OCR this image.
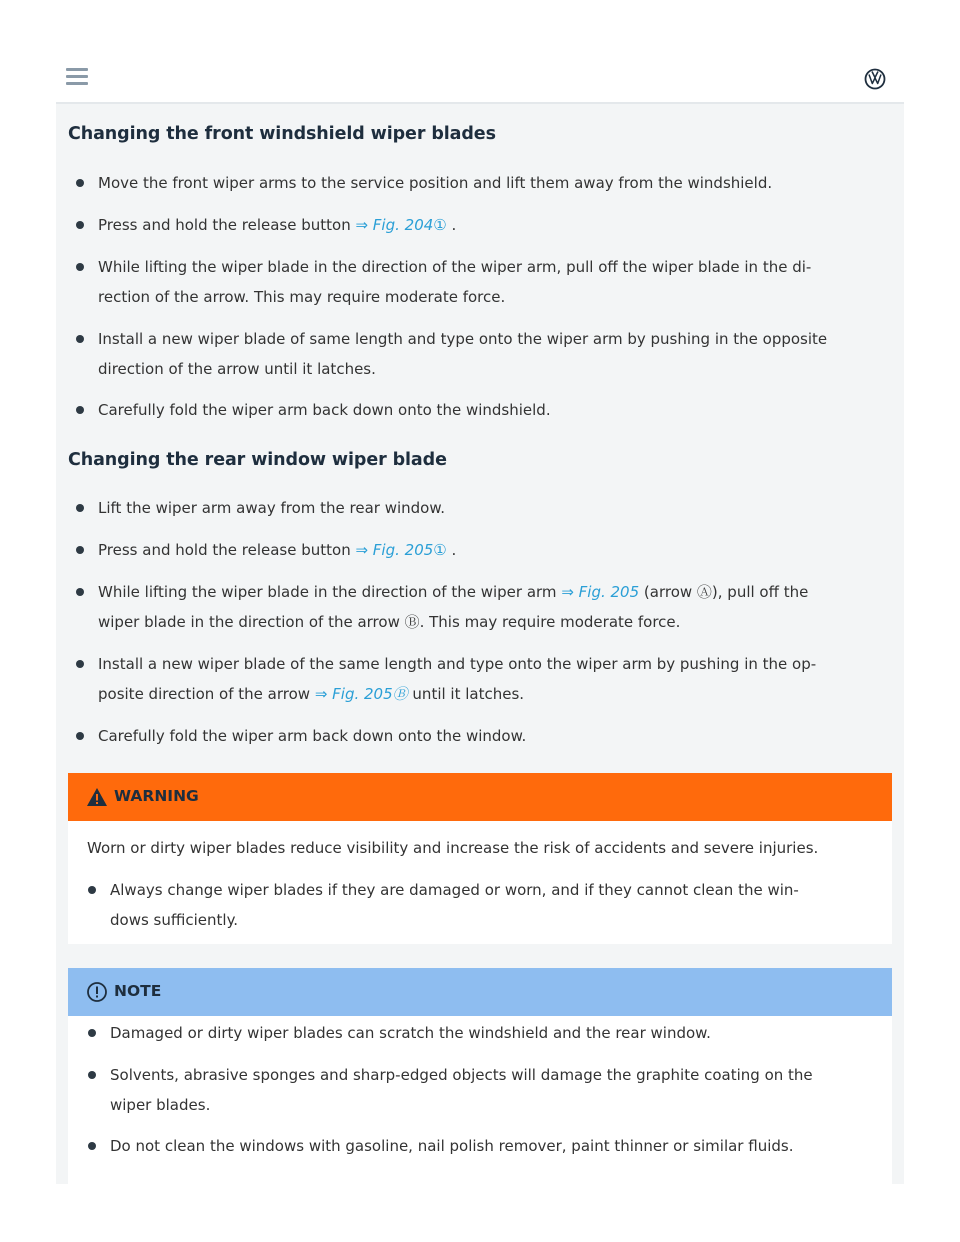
Changing the front windshield wiper blades
Move the front wiper arms to the service position and lift them away from the windshield.
Press and hold the release button ⇒ Fig. 204① .
While lifting the wiper blade in the direction of the wiper arm, pull off the wiper blade in the di-
rection of the arrow. This may require moderate force.
Install a new wiper blade of same length and type onto the wiper arm by pushing in the opposite
direction of the arrow until it latches.
Carefully fold the wiper arm back down onto the windshield.
Changing the rear window wiper blade
Lift the wiper arm away from the rear window.
Press and hold the release button ⇒ Fig. 205① .
While lifting the wiper blade in the direction of the wiper arm ⇒ Fig. 205 (arrow Ⓐ), pull off the
wiper blade in the direction of the arrow Ⓑ. This may require moderate force.
Install a new wiper blade of the same length and type onto the wiper arm by pushing in the op-
posite direction of the arrow ⇒ Fig. 205Ⓑ until it latches.
Carefully fold the wiper arm back down onto the window.
WARNING
Worn or dirty wiper blades reduce visibility and increase the risk of accidents and severe injuries.
Always change wiper blades if they are damaged or worn, and if they cannot clean the win-
dows sufficiently.
NOTE
Damaged or dirty wiper blades can scratch the windshield and the rear window.
Solvents, abrasive sponges and sharp-edged objects will damage the graphite coating on the
wiper blades.
Do not clean the windows with gasoline, nail polish remover, paint thinner or similar fluids.
